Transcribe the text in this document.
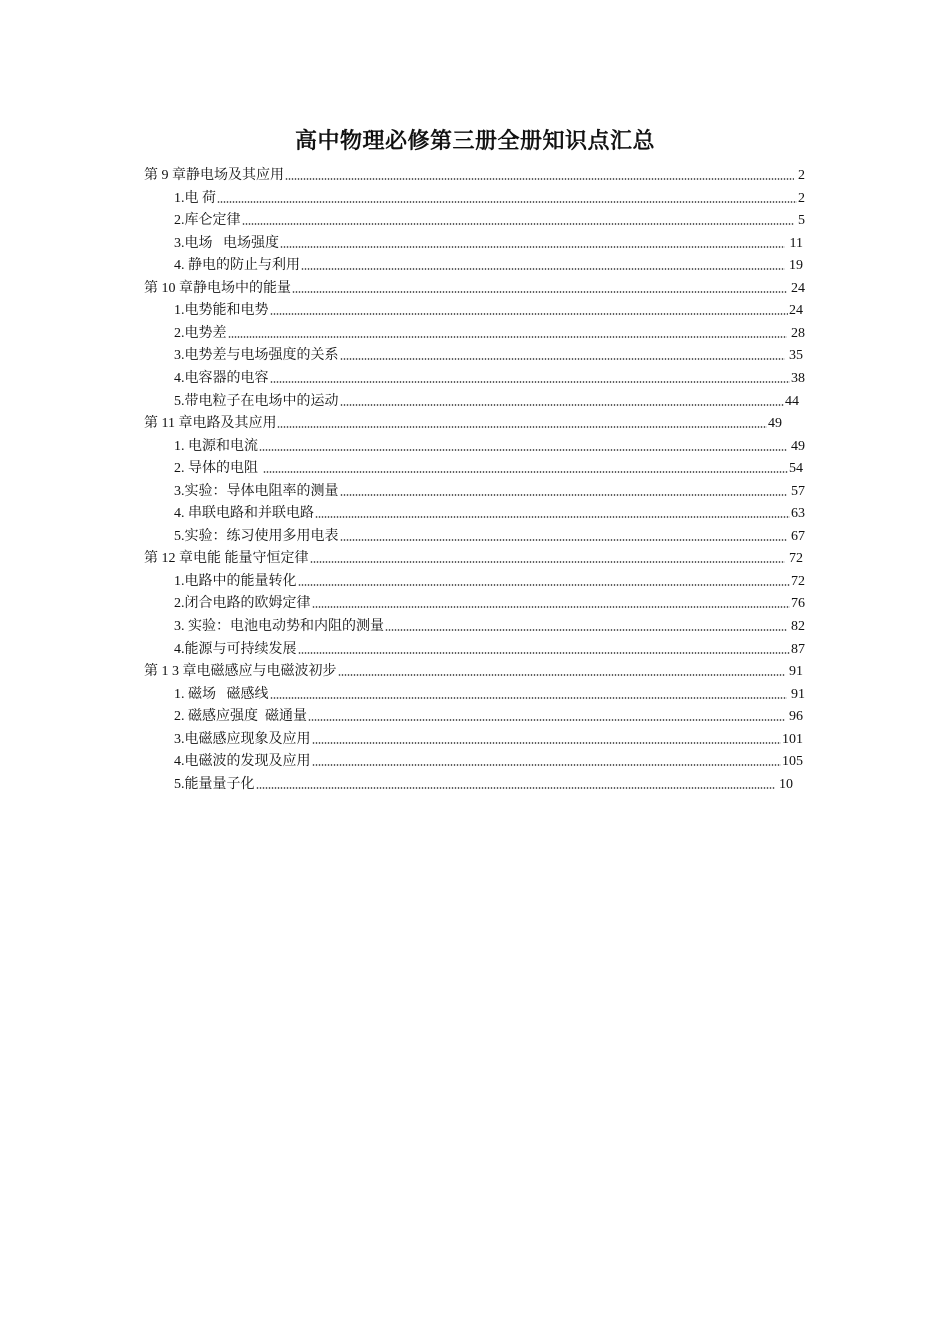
高中物理必修第三册全册知识点汇总
第 9 章静电场及其应用	2
1.电 荷	2
2.库仑定律	5
3.电场   电场强度	11
4. 静电的防止与利用	19
第 10 章静电场中的能量	24
1.电势能和电势	24
2.电势差	28
3.电势差与电场强度的关系	35
4.电容器的电容	38
5.带电粒子在电场中的运动	44
第 11 章电路及其应用	49
1. 电源和电流	49
2. 导体的电阻	54
3.实验：导体电阻率的测量	57
4. 串联电路和并联电路	63
5.实验：练习使用多用电表	67
第 12 章电能 能量守恒定律	72
1.电路中的能量转化	72
2.闭合电路的欧姆定律	76
3. 实验：电池电动势和内阻的测量	82
4.能源与可持续发展	87
第 1 3 章电磁感应与电磁波初步	91
1. 磁场   磁感线	91
2. 磁感应强度  磁通量	96
3.电磁感应现象及应用	101
4.电磁波的发现及应用	105
5.能量量子化	10
